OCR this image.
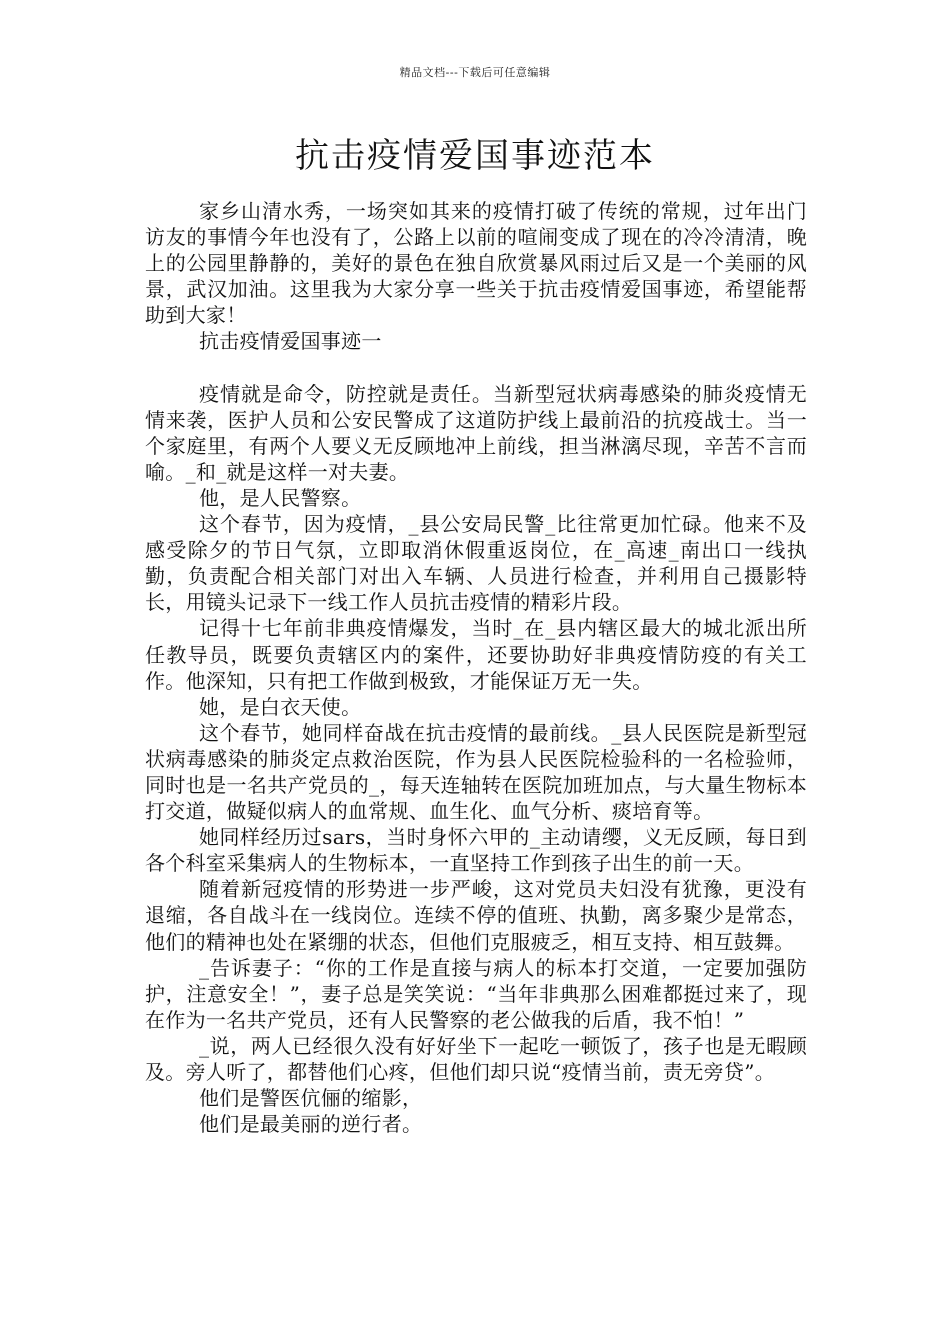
精品文档---下载后可任意编辑
抗击疫情爱国事迹范本

家乡山清水秀，一场突如其来的疫情打破了传统的常规，过年出门访友的事情今年也没有了，公路上以前的喧闹变成了现在的冷冷清清，晚上的公园里静静的，美好的景色在独自欣赏暴风雨过后又是一个美丽的风景，武汉加油。这里我为大家分享一些关于抗击疫情爱国事迹，希望能帮助到大家！

抗击疫情爱国事迹一

疫情就是命令，防控就是责任。当新型冠状病毒感染的肺炎疫情无情来袭，医护人员和公安民警成了这道防护线上最前沿的抗疫战士。当一个家庭里，有两个人要义无反顾地冲上前线，担当淋漓尽现，辛苦不言而喻。_和_就是这样一对夫妻。

他，是人民警察。

这个春节，因为疫情，_县公安局民警_比往常更加忙碌。他来不及感受除夕的节日气氛，立即取消休假重返岗位，在_高速_南出口一线执勤，负责配合相关部门对出入车辆、人员进行检查，并利用自己摄影特长，用镜头记录下一线工作人员抗击疫情的精彩片段。

记得十七年前非典疫情爆发，当时_在_县内辖区最大的城北派出所任教导员，既要负责辖区内的案件，还要协助好非典疫情防疫的有关工作。他深知，只有把工作做到极致，才能保证万无一失。

她，是白衣天使。

这个春节，她同样奋战在抗击疫情的最前线。_县人民医院是新型冠状病毒感染的肺炎定点救治医院，作为县人民医院检验科的一名检验师，同时也是一名共产党员的_，每天连轴转在医院加班加点，与大量生物标本打交道，做疑似病人的血常规、血生化、血气分析、痰培育等。

她同样经历过sars，当时身怀六甲的_主动请缨，义无反顾，每日到各个科室采集病人的生物标本，一直坚持工作到孩子出生的前一天。

随着新冠疫情的形势进一步严峻，这对党员夫妇没有犹豫，更没有退缩，各自战斗在一线岗位。连续不停的值班、执勤，离多聚少是常态，他们的精神也处在紧绷的状态，但他们克服疲乏，相互支持、相互鼓舞。

_告诉妻子：“你的工作是直接与病人的标本打交道，一定要加强防护，注意安全！”，妻子总是笑笑说：“当年非典那么困难都挺过来了，现在作为一名共产党员，还有人民警察的老公做我的后盾，我不怕！”

_说，两人已经很久没有好好坐下一起吃一顿饭了，孩子也是无暇顾及。旁人听了，都替他们心疼，但他们却只说“疫情当前，责无旁贷”。

他们是警医伉俪的缩影，

他们是最美丽的逆行者。
